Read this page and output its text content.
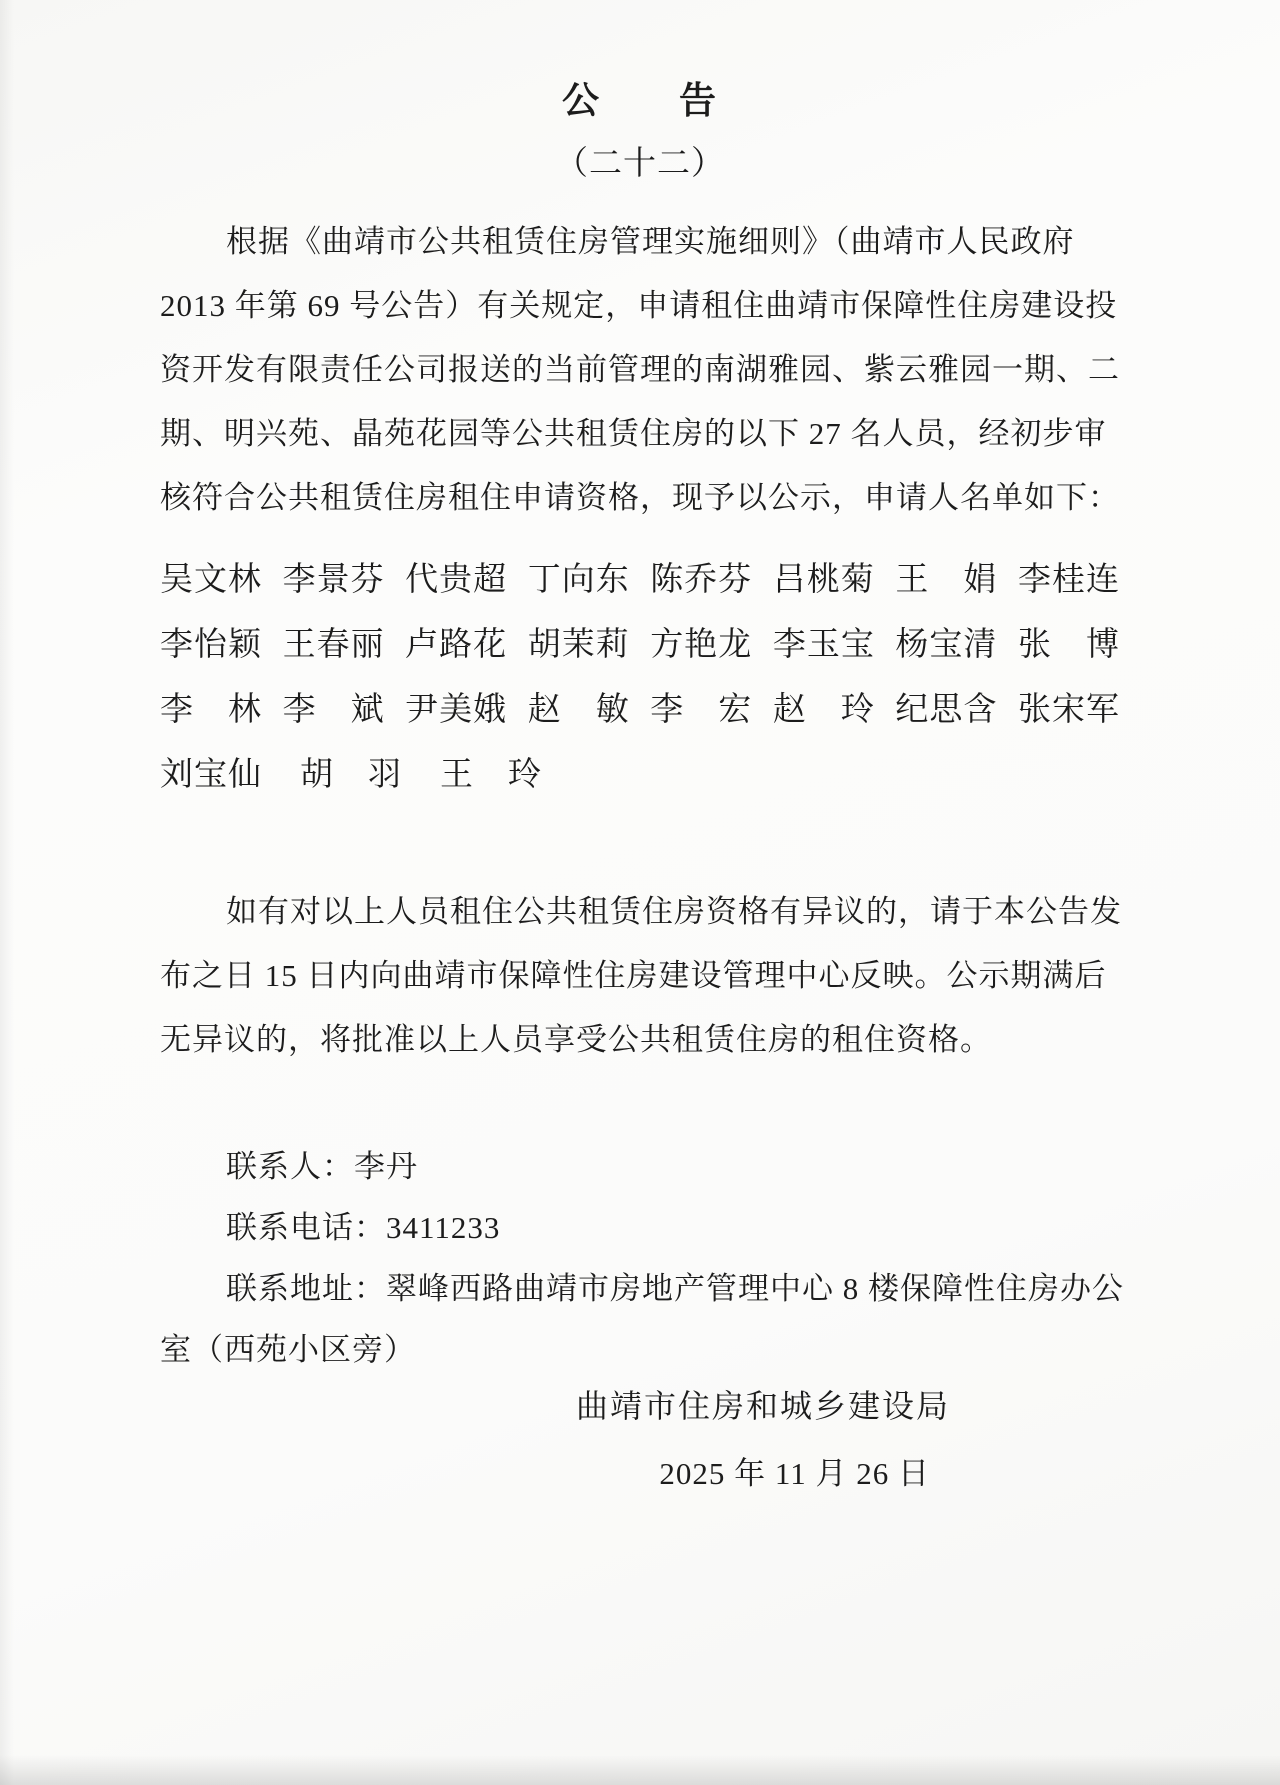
公　　告
（二十二）
根据《曲靖市公共租赁住房管理实施细则》（曲靖市人民政府
2013 年第 69 号公告）有关规定，申请租住曲靖市保障性住房建设投
资开发有限责任公司报送的当前管理的南湖雅园、紫云雅园一期、二
期、明兴苑、晶苑花园等公共租赁住房的以下 27 名人员，经初步审
核符合公共租赁住房租住申请资格，现予以公示，申请人名单如下：
吴文林 李景芬 代贵超 丁向东 陈乔芬 吕桃菊 王　娟 李桂连
李怡颖 王春丽 卢路花 胡茉莉 方艳龙 李玉宝 杨宝清 张　博
李　林 李　斌 尹美娥 赵　敏 李　宏 赵　玲 纪思含 张宋军
刘宝仙 胡　羽 王　玲
如有对以上人员租住公共租赁住房资格有异议的，请于本公告发
布之日 15 日内向曲靖市保障性住房建设管理中心反映。公示期满后
无异议的，将批准以上人员享受公共租赁住房的租住资格。
联系人：李丹
联系电话：3411233
联系地址：翠峰西路曲靖市房地产管理中心 8 楼保障性住房办公
室（西苑小区旁）
曲靖市住房和城乡建设局
2025 年 11 月 26 日
